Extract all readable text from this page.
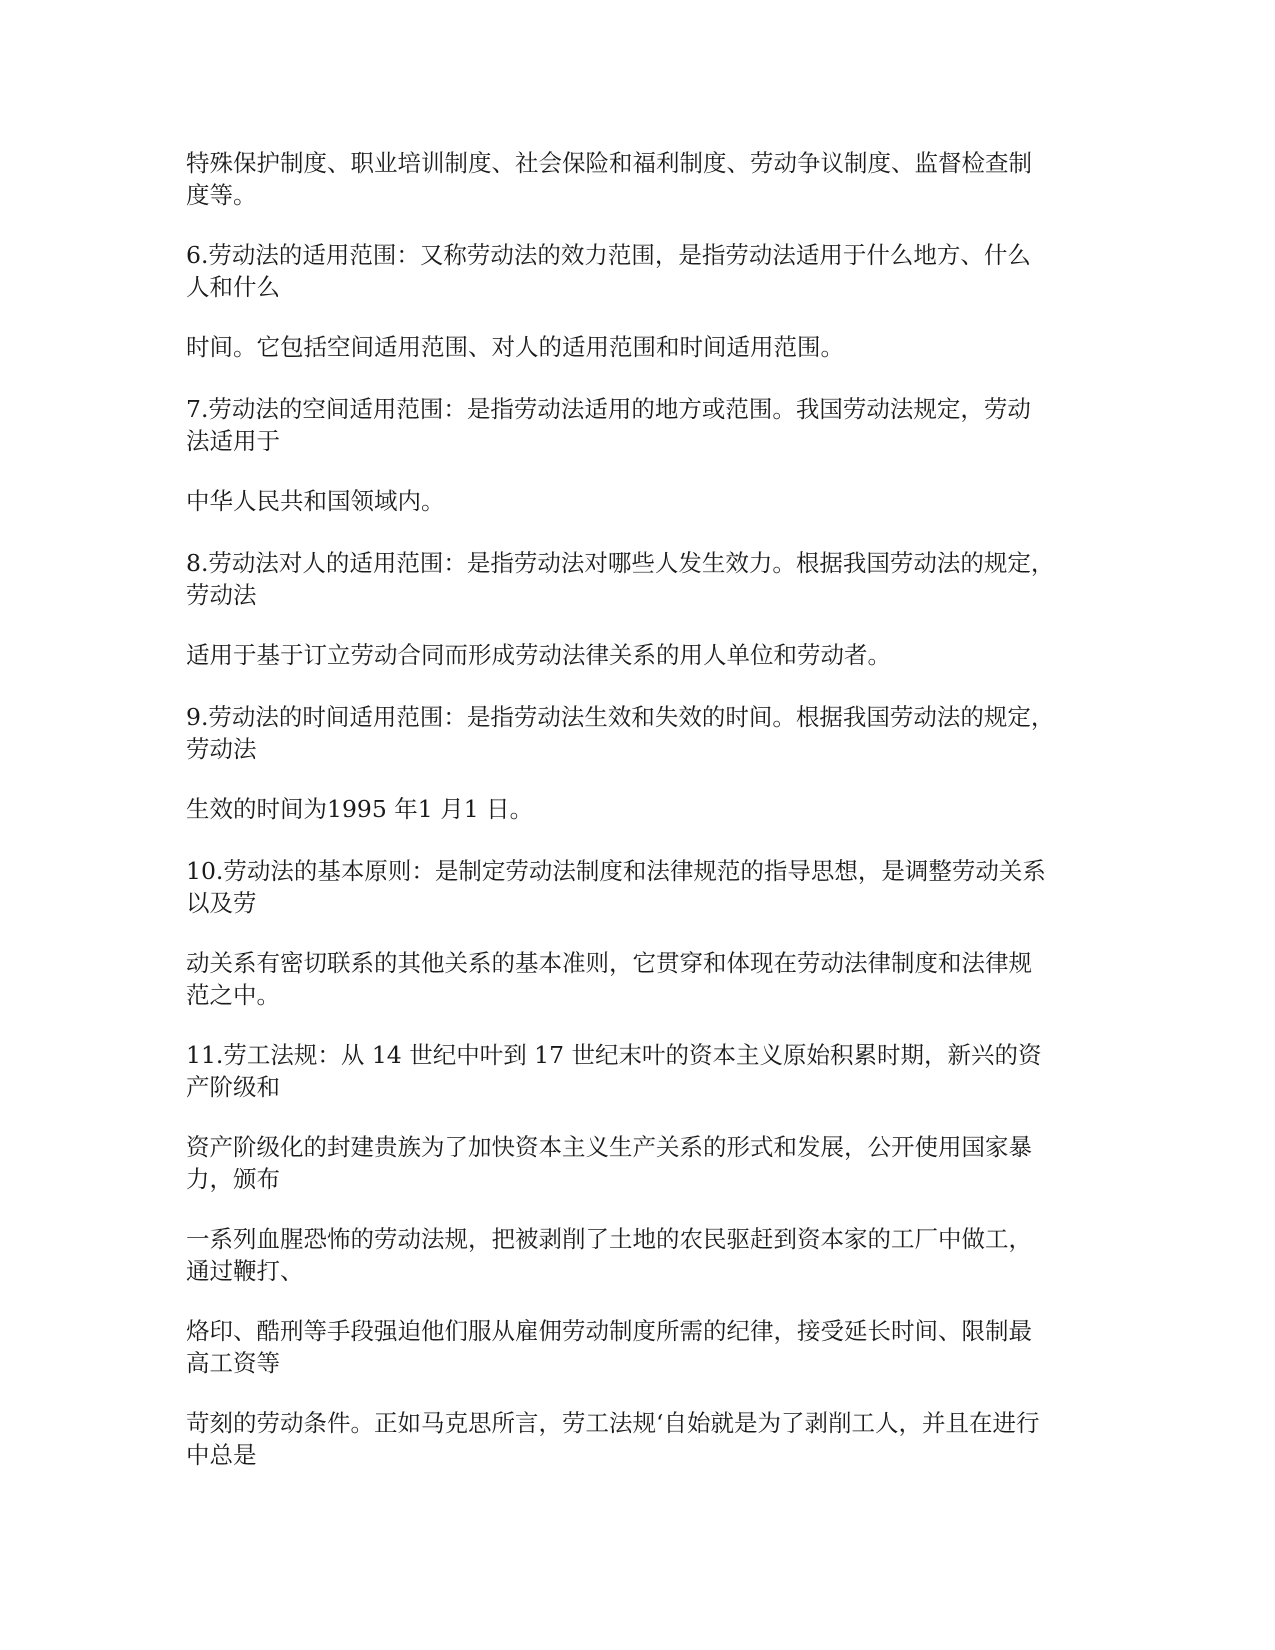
特殊保护制度、职业培训制度、社会保险和福利制度、劳动争议制度、监督检查制
度等。

6.劳动法的适用范围：又称劳动法的效力范围，是指劳动法适用于什么地方、什么
人和什么

时间。它包括空间适用范围、对人的适用范围和时间适用范围。

7.劳动法的空间适用范围：是指劳动法适用的地方或范围。我国劳动法规定，劳动
法适用于

中华人民共和国领域内。

8.劳动法对人的适用范围：是指劳动法对哪些人发生效力。根据我国劳动法的规定，
劳动法

适用于基于订立劳动合同而形成劳动法律关系的用人单位和劳动者。

9.劳动法的时间适用范围：是指劳动法生效和失效的时间。根据我国劳动法的规定，
劳动法

生效的时间为1995 年1 月1 日。

10.劳动法的基本原则：是制定劳动法制度和法律规范的指导思想，是调整劳动关系
以及劳

动关系有密切联系的其他关系的基本准则，它贯穿和体现在劳动法律制度和法律规
范之中。

11.劳工法规：从 14 世纪中叶到 17 世纪末叶的资本主义原始积累时期，新兴的资
产阶级和

资产阶级化的封建贵族为了加快资本主义生产关系的形式和发展，公开使用国家暴
力，颁布

一系列血腥恐怖的劳动法规，把被剥削了土地的农民驱赶到资本家的工厂中做工，
通过鞭打、

烙印、酷刑等手段强迫他们服从雇佣劳动制度所需的纪律，接受延长时间、限制最
高工资等

苛刻的劳动条件。正如马克思所言，劳工法规‘自始就是为了剥削工人，并且在进行
中总是
